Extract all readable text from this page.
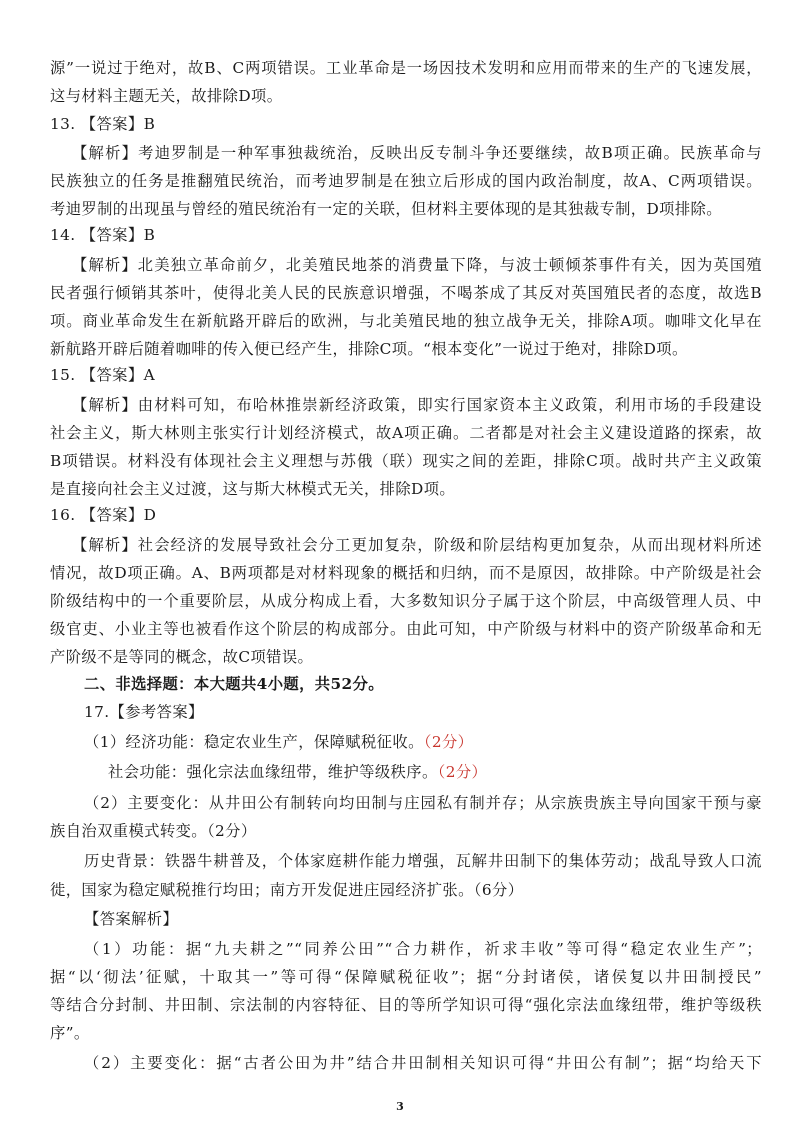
源”一说过于绝对，故B、C两项错误。工业革命是一场因技术发明和应用而带来的生产的飞速发展，
这与材料主题无关，故排除D项。
13. 【答案】B
【解析】考迪罗制是一种军事独裁统治，反映出反专制斗争还要继续，故B项正确。民族革命与
民族独立的任务是推翻殖民统治，而考迪罗制是在独立后形成的国内政治制度，故A、C两项错误。
考迪罗制的出现虽与曾经的殖民统治有一定的关联，但材料主要体现的是其独裁专制，D项排除。
14. 【答案】B
【解析】北美独立革命前夕，北美殖民地茶的消费量下降，与波士顿倾茶事件有关，因为英国殖
民者强行倾销其茶叶，使得北美人民的民族意识增强，不喝茶成了其反对英国殖民者的态度，故选B
项。商业革命发生在新航路开辟后的欧洲，与北美殖民地的独立战争无关，排除A项。咖啡文化早在
新航路开辟后随着咖啡的传入便已经产生，排除C项。“根本变化”一说过于绝对，排除D项。
15. 【答案】A
【解析】由材料可知，布哈林推崇新经济政策，即实行国家资本主义政策，利用市场的手段建设
社会主义，斯大林则主张实行计划经济模式，故A项正确。二者都是对社会主义建设道路的探索，故
B项错误。材料没有体现社会主义理想与苏俄（联）现实之间的差距，排除C项。战时共产主义政策
是直接向社会主义过渡，这与斯大林模式无关，排除D项。
16. 【答案】D
【解析】社会经济的发展导致社会分工更加复杂，阶级和阶层结构更加复杂，从而出现材料所述
情况，故D项正确。A、B两项都是对材料现象的概括和归纳，而不是原因，故排除。中产阶级是社会
阶级结构中的一个重要阶层，从成分构成上看，大多数知识分子属于这个阶层，中高级管理人员、中
级官吏、小业主等也被看作这个阶层的构成部分。由此可知，中产阶级与材料中的资产阶级革命和无
产阶级不是等同的概念，故C项错误。
二、非选择题：本大题共4小题，共52分。
17.【参考答案】
（1）经济功能：稳定农业生产，保障赋税征收。（2分）
社会功能：强化宗法血缘纽带，维护等级秩序。（2分）
（2）主要变化：从井田公有制转向均田制与庄园私有制并存；从宗族贵族主导向国家干预与豪
族自治双重模式转变。（2分）
历史背景：铁器牛耕普及，个体家庭耕作能力增强，瓦解井田制下的集体劳动；战乱导致人口流
徙，国家为稳定赋税推行均田；南方开发促进庄园经济扩张。（6分）
【答案解析】
（1）功能：据“九夫耕之”“同养公田”“合力耕作，祈求丰收”等可得“稳定农业生产”；
据“以‘彻法’征赋，十取其一”等可得“保障赋税征收”；据“分封诸侯，诸侯复以井田制授民”
等结合分封制、井田制、宗法制的内容特征、目的等所学知识可得“强化宗法血缘纽带，维护等级秩
序”。
（2）主要变化：据“古者公田为井”结合井田制相关知识可得“井田公有制”；据“均给天下
3
